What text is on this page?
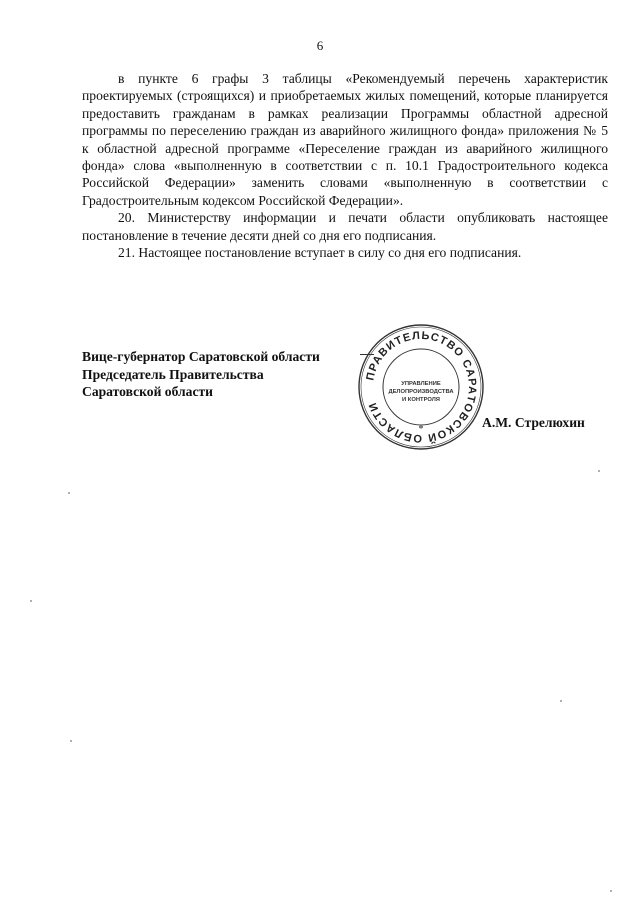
6

в пункте 6 графы 3 таблицы «Рекомендуемый перечень характеристик проектируемых (строящихся) и приобретаемых жилых помещений, которые планируется предоставить гражданам в рамках реализации Программы областной адресной программы по переселению граждан из аварийного жилищного фонда» приложения № 5 к областной адресной программе «Переселение граждан из аварийного жилищного фонда» слова «выполненную в соответствии с п. 10.1 Градостроительного кодекса Российской Федерации» заменить словами «выполненную в соответствии с Градостроительным кодексом Российской Федерации».

20. Министерству информации и печати области опубликовать настоящее постановление в течение десяти дней со дня его подписания.

21. Настоящее постановление вступает в силу со дня его подписания.

Вице-губернатор Саратовской области
Председатель Правительства
Саратовской области
ПРАВИТЕЛЬСТВО САРАТОВСКОЙ ОБЛАСТИ
*
УПРАВЛЕНИЕ
ДЕЛОПРОИЗВОДСТВА
И КОНТРОЛЯ
А.М. Стрелюхин
